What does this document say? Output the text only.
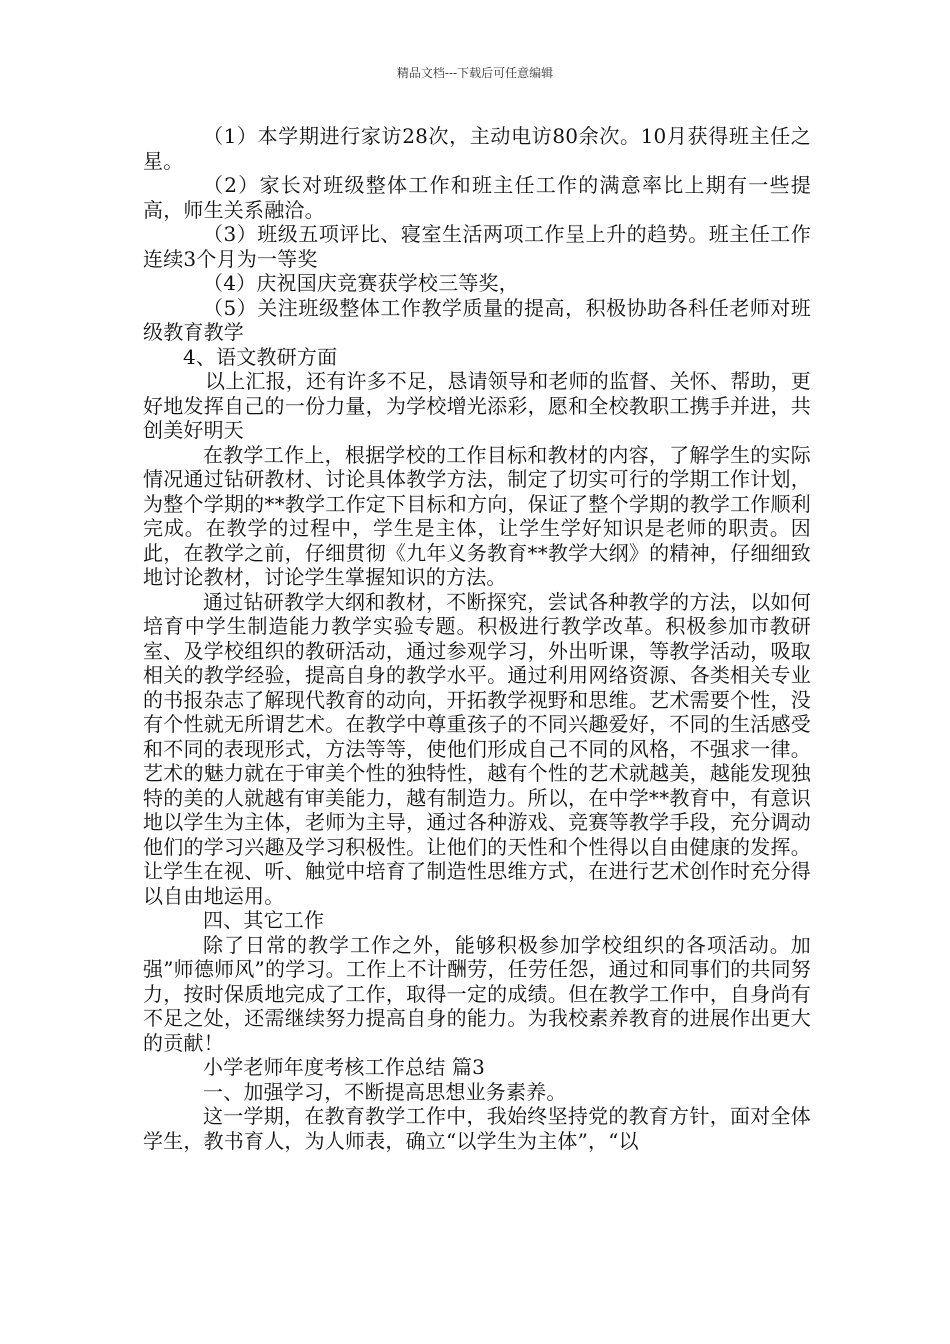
精品文档---下载后可任意编辑

（1）本学期进行家访28次，主动电访80余次。10月获得班主任之星。

（2）家长对班级整体工作和班主任工作的满意率比上期有一些提高，师生关系融洽。

（3）班级五项评比、寝室生活两项工作呈上升的趋势。班主任工作连续3个月为一等奖

（4）庆祝国庆竞赛获学校三等奖，

（5）关注班级整体工作教学质量的提高，积极协助各科任老师对班级教育教学

4、语文教研方面

以上汇报，还有许多不足，恳请领导和老师的监督、关怀、帮助，更好地发挥自己的一份力量，为学校增光添彩，愿和全校教职工携手并进，共创美好明天

在教学工作上，根据学校的工作目标和教材的内容，了解学生的实际情况通过钻研教材、讨论具体教学方法，制定了切实可行的学期工作计划，为整个学期的**教学工作定下目标和方向，保证了整个学期的教学工作顺利完成。在教学的过程中，学生是主体，让学生学好知识是老师的职责。因此，在教学之前，仔细贯彻《九年义务教育**教学大纲》的精神，仔细细致地讨论教材，讨论学生掌握知识的方法。

通过钻研教学大纲和教材，不断探究，尝试各种教学的方法，以如何培育中学生制造能力教学实验专题。积极进行教学改革。积极参加市教研室、及学校组织的教研活动，通过参观学习，外出听课，等教学活动，吸取相关的教学经验，提高自身的教学水平。通过利用网络资源、各类相关专业的书报杂志了解现代教育的动向，开拓教学视野和思维。艺术需要个性，没有个性就无所谓艺术。在教学中尊重孩子的不同兴趣爱好，不同的生活感受和不同的表现形式，方法等等，使他们形成自己不同的风格，不强求一律。艺术的魅力就在于审美个性的独特性，越有个性的艺术就越美，越能发现独特的美的人就越有审美能力，越有制造力。所以，在中学**教育中，有意识地以学生为主体，老师为主导，通过各种游戏、竞赛等教学手段，充分调动他们的学习兴趣及学习积极性。让他们的天性和个性得以自由健康的发挥。让学生在视、听、触觉中培育了制造性思维方式，在进行艺术创作时充分得以自由地运用。

四、其它工作

除了日常的教学工作之外，能够积极参加学校组织的各项活动。加强”师德师风”的学习。工作上不计酬劳，任劳任怨，通过和同事们的共同努力，按时保质地完成了工作，取得一定的成绩。但在教学工作中，自身尚有不足之处，还需继续努力提高自身的能力。为我校素养教育的进展作出更大的贡献！

小学老师年度考核工作总结 篇3

一、加强学习，不断提高思想业务素养。

这一学期，在教育教学工作中，我始终坚持党的教育方针，面对全体学生，教书育人，为人师表，确立“以学生为主体”，“以
